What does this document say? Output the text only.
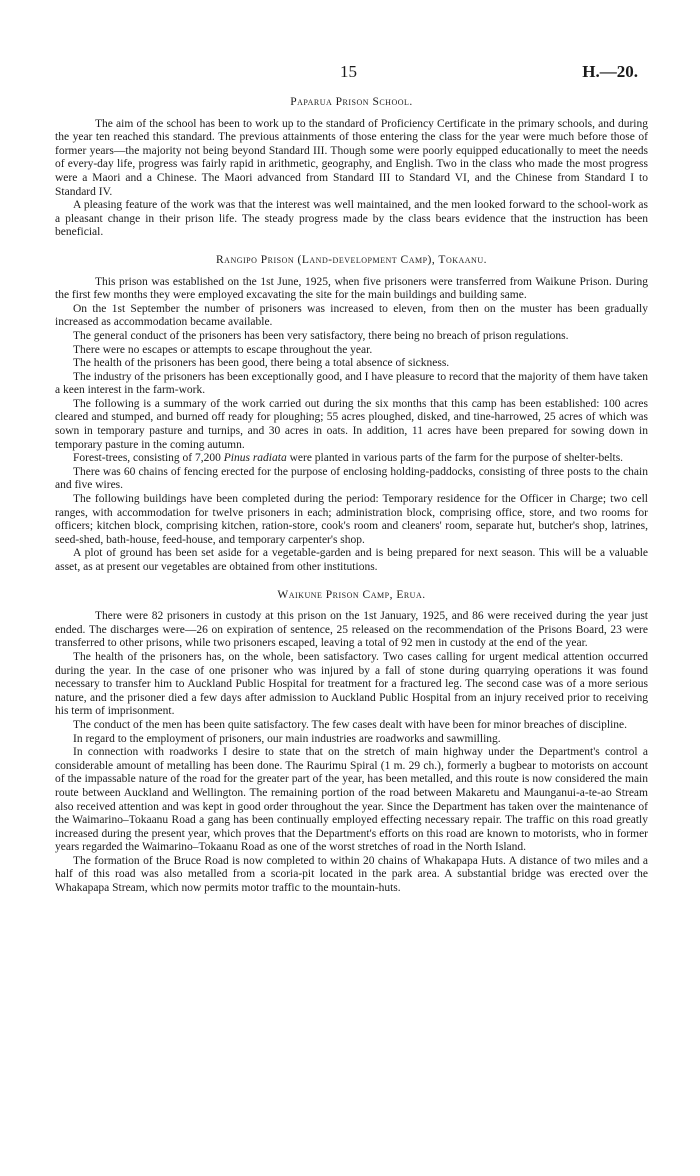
15	H.—20.
Paparua Prison School.

The aim of the school has been to work up to the standard of Proficiency Certificate in the primary schools, and during the year ten reached this standard. The previous attainments of those entering the class for the year were much before those of former years—the majority not being beyond Standard III. Though some were poorly equipped educationally to meet the needs of every-day life, progress was fairly rapid in arithmetic, geography, and English. Two in the class who made the most progress were a Maori and a Chinese. The Maori advanced from Standard III to Standard VI, and the Chinese from Standard I to Standard IV.

A pleasing feature of the work was that the interest was well maintained, and the men looked forward to the school-work as a pleasant change in their prison life. The steady progress made by the class bears evidence that the instruction has been beneficial.

Rangipo Prison (Land-development Camp), Tokaanu.

This prison was established on the 1st June, 1925, when five prisoners were transferred from Waikune Prison. During the first few months they were employed excavating the site for the main buildings and building same.

On the 1st September the number of prisoners was increased to eleven, from then on the muster has been gradually increased as accommodation became available.

The general conduct of the prisoners has been very satisfactory, there being no breach of prison regulations.

There were no escapes or attempts to escape throughout the year.

The health of the prisoners has been good, there being a total absence of sickness.

The industry of the prisoners has been exceptionally good, and I have pleasure to record that the majority of them have taken a keen interest in the farm-work.

The following is a summary of the work carried out during the six months that this camp has been established: 100 acres cleared and stumped, and burned off ready for ploughing; 55 acres ploughed, disked, and tine-harrowed, 25 acres of which was sown in temporary pasture and turnips, and 30 acres in oats. In addition, 11 acres have been prepared for sowing down in temporary pasture in the coming autumn.

Forest-trees, consisting of 7,200 Pinus radiata were planted in various parts of the farm for the purpose of shelter-belts.

There was 60 chains of fencing erected for the purpose of enclosing holding-paddocks, consisting of three posts to the chain and five wires.

The following buildings have been completed during the period: Temporary residence for the Officer in Charge; two cell ranges, with accommodation for twelve prisoners in each; administration block, comprising office, store, and two rooms for officers; kitchen block, comprising kitchen, ration-store, cook's room and cleaners' room, separate hut, butcher's shop, latrines, seed-shed, bath-house, feed-house, and temporary carpenter's shop.

A plot of ground has been set aside for a vegetable-garden and is being prepared for next season. This will be a valuable asset, as at present our vegetables are obtained from other institutions.

Waikune Prison Camp, Erua.

There were 82 prisoners in custody at this prison on the 1st January, 1925, and 86 were received during the year just ended. The discharges were—26 on expiration of sentence, 25 released on the recommendation of the Prisons Board, 23 were transferred to other prisons, while two prisoners escaped, leaving a total of 92 men in custody at the end of the year.

The health of the prisoners has, on the whole, been satisfactory. Two cases calling for urgent medical attention occurred during the year. In the case of one prisoner who was injured by a fall of stone during quarrying operations it was found necessary to transfer him to Auckland Public Hospital for treatment for a fractured leg. The second case was of a more serious nature, and the prisoner died a few days after admission to Auckland Public Hospital from an injury received prior to receiving his term of imprisonment.

The conduct of the men has been quite satisfactory. The few cases dealt with have been for minor breaches of discipline.

In regard to the employment of prisoners, our main industries are roadworks and sawmilling.

In connection with roadworks I desire to state that on the stretch of main highway under the Department's control a considerable amount of metalling has been done. The Raurimu Spiral (1 m. 29 ch.), formerly a bugbear to motorists on account of the impassable nature of the road for the greater part of the year, has been metalled, and this route is now considered the main route between Auckland and Wellington. The remaining portion of the road between Makaretu and Maunganui-a-te-ao Stream also received attention and was kept in good order throughout the year. Since the Department has taken over the maintenance of the Waimarino–Tokaanu Road a gang has been continually employed effecting necessary repair. The traffic on this road greatly increased during the present year, which proves that the Department's efforts on this road are known to motorists, who in former years regarded the Waimarino–Tokaanu Road as one of the worst stretches of road in the North Island.

The formation of the Bruce Road is now completed to within 20 chains of Whakapapa Huts. A distance of two miles and a half of this road was also metalled from a scoria-pit located in the park area. A substantial bridge was erected over the Whakapapa Stream, which now permits motor traffic to the mountain-huts.
